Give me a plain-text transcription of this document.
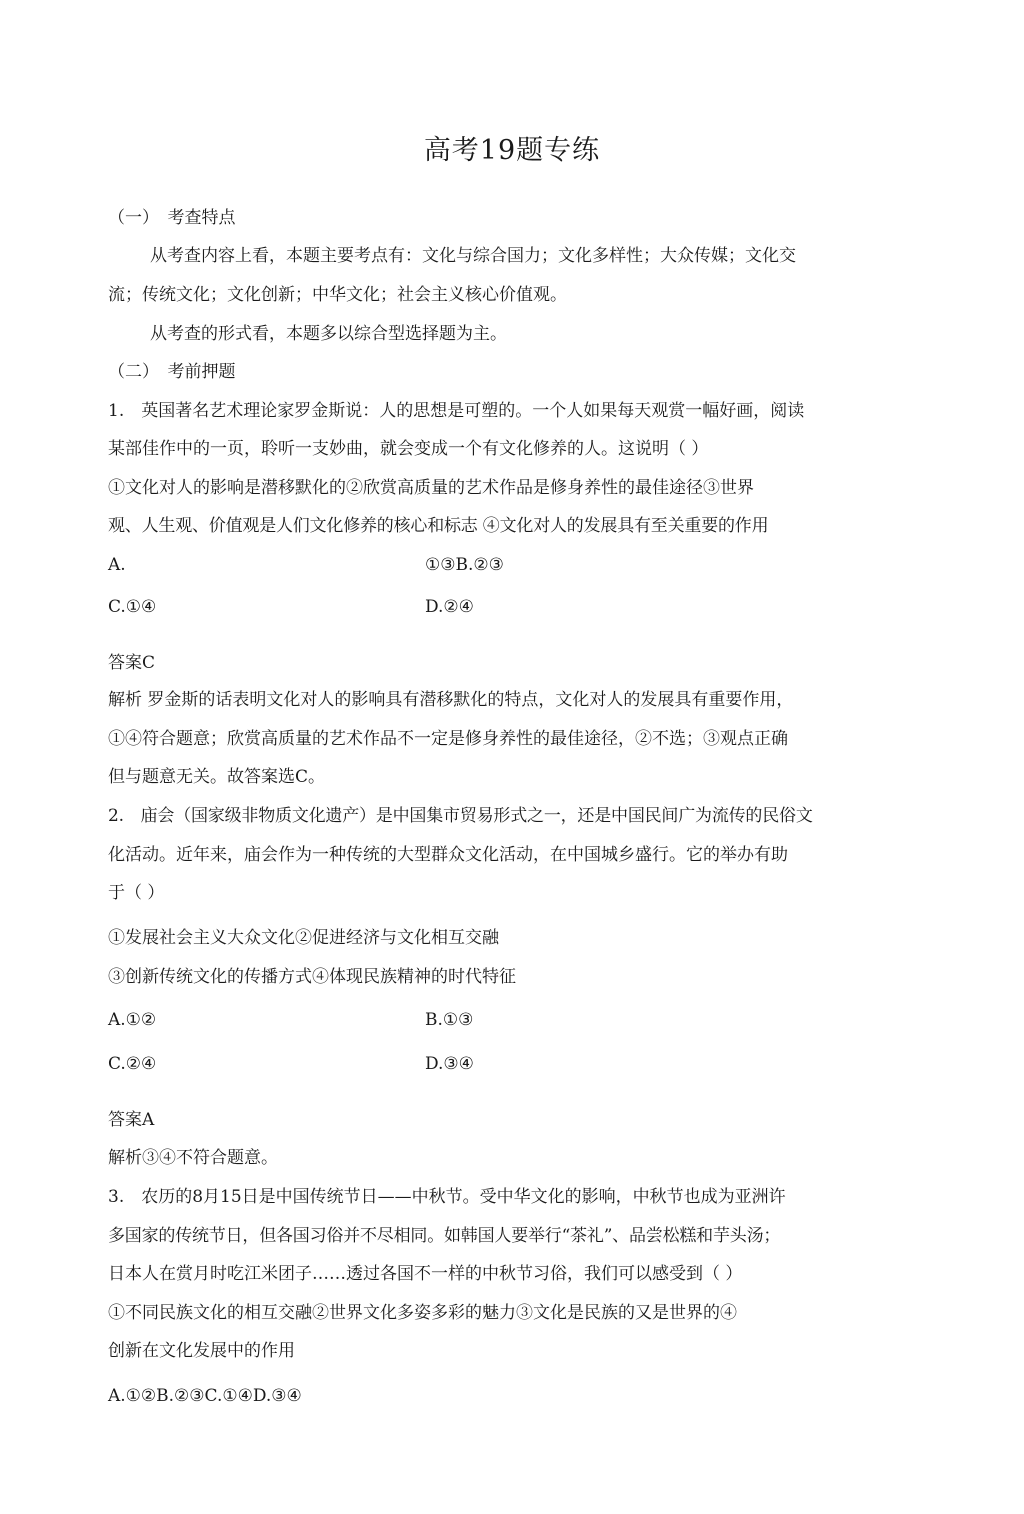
高考19题专练
（一）　考查特点
从考查内容上看，本题主要考点有：文化与综合国力；文化多样性；大众传媒；文化交
流；传统文化；文化创新；中华文化；社会主义核心价值观。
从考查的形式看，本题多以综合型选择题为主。
（二）　考前押题
1.　英国著名艺术理论家罗金斯说：人的思想是可塑的。一个人如果每天观赏一幅好画，阅读
某部佳作中的一页，聆听一支妙曲，就会变成一个有文化修养的人。这说明（ ）
①文化对人的影响是潜移默化的②欣赏高质量的艺术作品是修身养性的最佳途径③世界
观、人生观、价值观是人们文化修养的核心和标志 ④文化对人的发展具有至关重要的作用
A.	①③B.②③
C.①④	D.②④
答案C
解析 罗金斯的话表明文化对人的影响具有潜移默化的特点，文化对人的发展具有重要作用，
①④符合题意；欣赏高质量的艺术作品不一定是修身养性的最佳途径，②不选；③观点正确
但与题意无关。故答案选C。
2.　庙会（国家级非物质文化遗产）是中国集市贸易形式之一，还是中国民间广为流传的民俗文
化活动。近年来，庙会作为一种传统的大型群众文化活动，在中国城乡盛行。它的举办有助
于（ ）
①发展社会主义大众文化②促进经济与文化相互交融
③创新传统文化的传播方式④体现民族精神的时代特征
A.①②	B.①③
C.②④	D.③④
答案A
解析③④不符合题意。
3.　农历的8月15日是中国传统节日——中秋节。受中华文化的影响，中秋节也成为亚洲许
多国家的传统节日，但各国习俗并不尽相同。如韩国人要举行“茶礼”、品尝松糕和芋头汤；
日本人在赏月时吃江米团子……透过各国不一样的中秋节习俗，我们可以感受到（ ）
①不同民族文化的相互交融②世界文化多姿多彩的魅力③文化是民族的又是世界的④
创新在文化发展中的作用
A.①②B.②③C.①④D.③④
